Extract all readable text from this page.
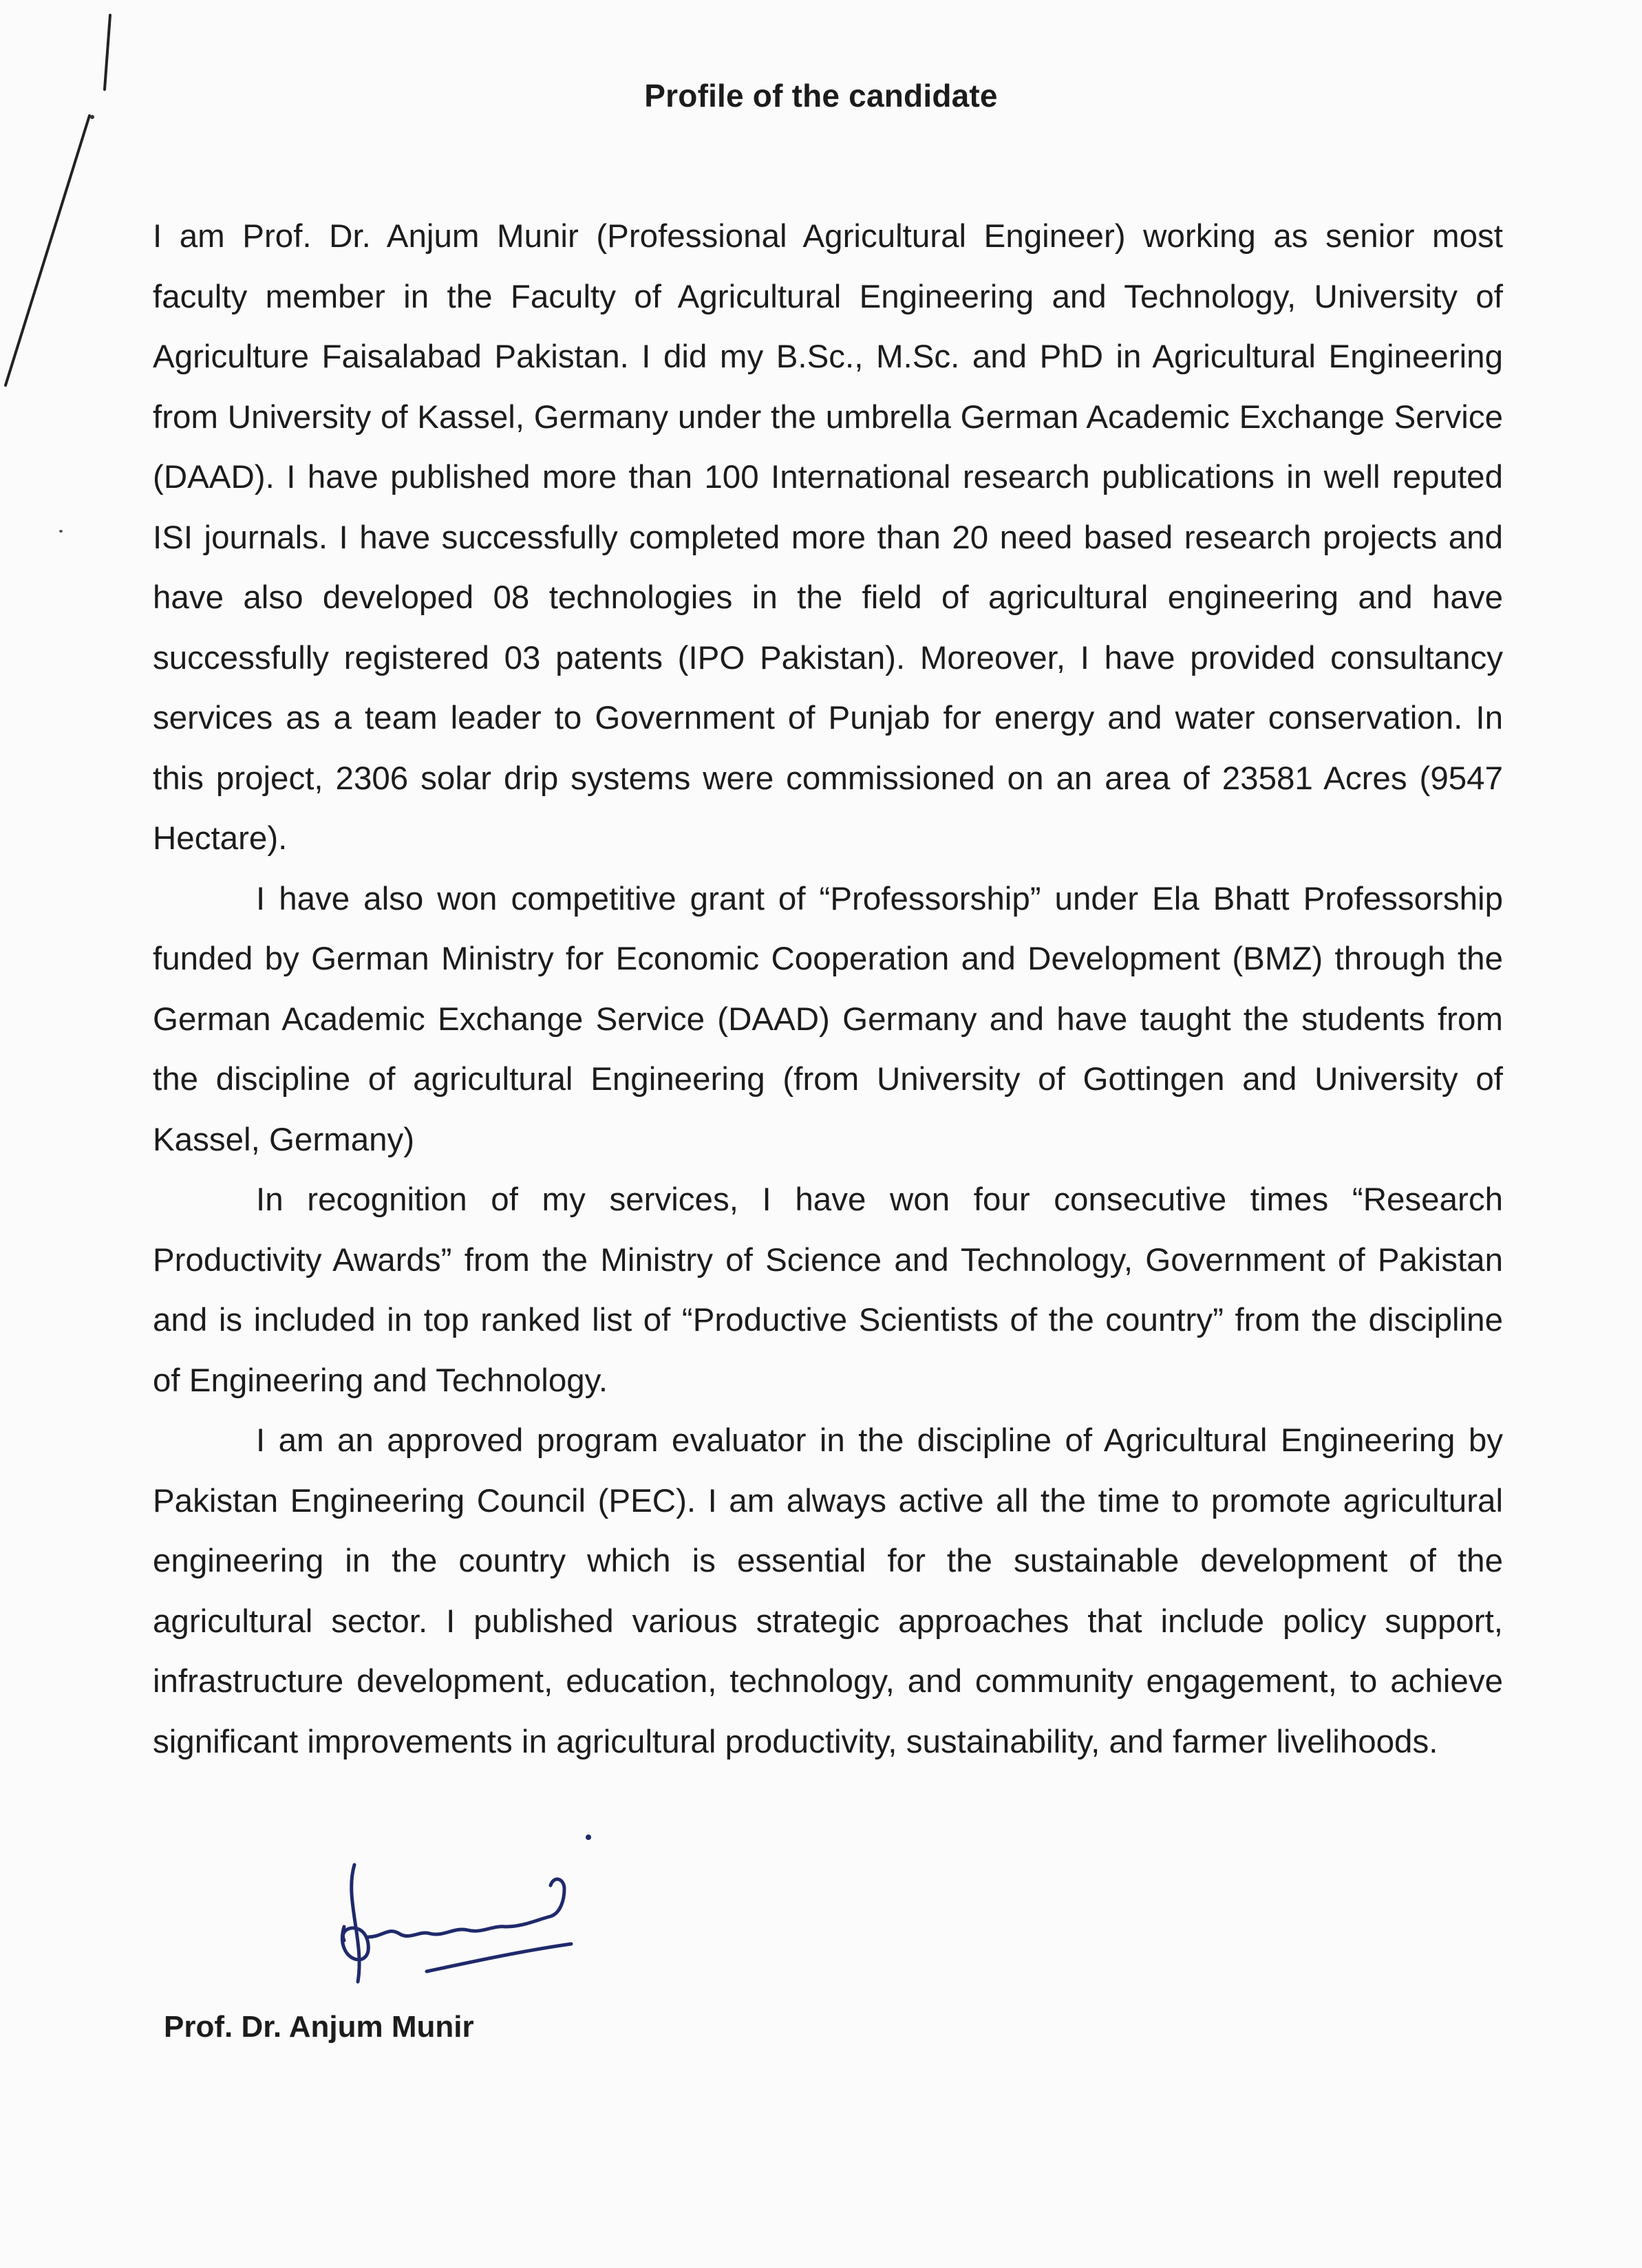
Profile of the candidate

I am Prof. Dr. Anjum Munir (Professional Agricultural Engineer) working as senior most faculty member in the Faculty of Agricultural Engineering and Technology, University of Agriculture Faisalabad Pakistan. I did my B.Sc., M.Sc. and PhD in Agricultural Engineering from University of Kassel, Germany under the umbrella German Academic Exchange Service (DAAD). I have published more than 100 International research publications in well reputed ISI journals. I have successfully completed more than 20 need based research projects and have also developed 08 technologies in the field of agricultural engineering and have successfully registered 03 patents (IPO Pakistan). Moreover, I have provided consultancy services as a team leader to Government of Punjab for energy and water conservation. In this project, 2306 solar drip systems were commissioned on an area of 23581 Acres (9547 Hectare).

I have also won competitive grant of “Professorship” under Ela Bhatt Professorship funded by German Ministry for Economic Cooperation and Development (BMZ) through the German Academic Exchange Service (DAAD) Germany and have taught the students from the discipline of agricultural Engineering (from University of Gottingen and University of Kassel, Germany)

In recognition of my services, I have won four consecutive times “Research Productivity Awards” from the Ministry of Science and Technology, Government of Pakistan and is included in top ranked list of “Productive Scientists of the country” from the discipline of Engineering and Technology.

I am an approved program evaluator in the discipline of Agricultural Engineering by Pakistan Engineering Council (PEC). I am always active all the time to promote agricultural engineering in the country which is essential for the sustainable development of the agricultural sector. I published various strategic approaches that include policy support, infrastructure development, education, technology, and community engagement, to achieve significant improvements in agricultural productivity, sustainability, and farmer livelihoods.

Prof. Dr. Anjum Munir
